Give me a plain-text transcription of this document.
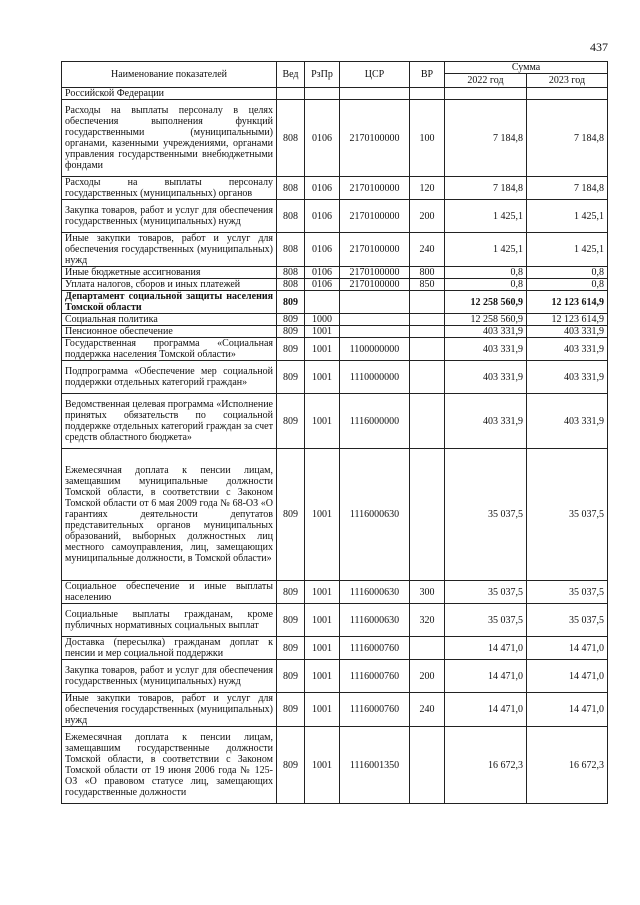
437
Наименование показателей	Вед	РзПр	ЦСР	ВР	Сумма	
					2022 год	2023 год
Российской Федерации						
Расходы на выплаты персоналу в целях обеспечения выполнения функций государственными (муниципальными) органами, казенными учреждениями, органами управления государственными внебюджетными фондами	808	0106	2170100000	100	7 184,8	7 184,8
Расходы на выплаты персоналу государственных (муниципальных) органов	808	0106	2170100000	120	7 184,8	7 184,8
Закупка товаров, работ и услуг для обеспечения государственных (муниципальных) нужд	808	0106	2170100000	200	1 425,1	1 425,1
Иные закупки товаров, работ и услуг для обеспечения государственных (муниципальных) нужд	808	0106	2170100000	240	1 425,1	1 425,1
Иные бюджетные ассигнования	808	0106	2170100000	800	0,8	0,8
Уплата налогов, сборов и иных платежей	808	0106	2170100000	850	0,8	0,8
Департамент социальной защиты населения Томской области	809				12 258 560,9	12 123 614,9
Социальная политика	809	1000			12 258 560,9	12 123 614,9
Пенсионное обеспечение	809	1001			403 331,9	403 331,9
Государственная программа «Социальная поддержка населения Томской области»	809	1001	1100000000		403 331,9	403 331,9
Подпрограмма «Обеспечение мер социальной поддержки отдельных категорий граждан»	809	1001	1110000000		403 331,9	403 331,9
Ведомственная целевая программа «Исполнение принятых обязательств по социальной поддержке отдельных категорий граждан за счет средств областного бюджета»	809	1001	1116000000		403 331,9	403 331,9
Ежемесячная доплата к пенсии лицам, замещавшим муниципальные должности Томской области, в соответствии с Законом Томской области от 6 мая 2009 года № 68-ОЗ «О гарантиях деятельности депутатов представительных органов муниципальных образований, выборных должностных лиц местного самоуправления, лиц, замещающих муниципальные должности, в Томской области»	809	1001	1116000630		35 037,5	35 037,5
Социальное обеспечение и иные выплаты населению	809	1001	1116000630	300	35 037,5	35 037,5
Социальные выплаты гражданам, кроме публичных нормативных социальных выплат	809	1001	1116000630	320	35 037,5	35 037,5
Доставка (пересылка) гражданам доплат к пенсии и мер социальной поддержки	809	1001	1116000760		14 471,0	14 471,0
Закупка товаров, работ и услуг для обеспечения государственных (муниципальных) нужд	809	1001	1116000760	200	14 471,0	14 471,0
Иные закупки товаров, работ и услуг для обеспечения государственных (муниципальных) нужд	809	1001	1116000760	240	14 471,0	14 471,0
Ежемесячная доплата к пенсии лицам, замещавшим государственные должности Томской области, в соответствии с Законом Томской области от 19 июня 2006 года № 125-ОЗ «О правовом статусе лиц, замещающих государственные должности	809	1001	1116001350		16 672,3	16 672,3
